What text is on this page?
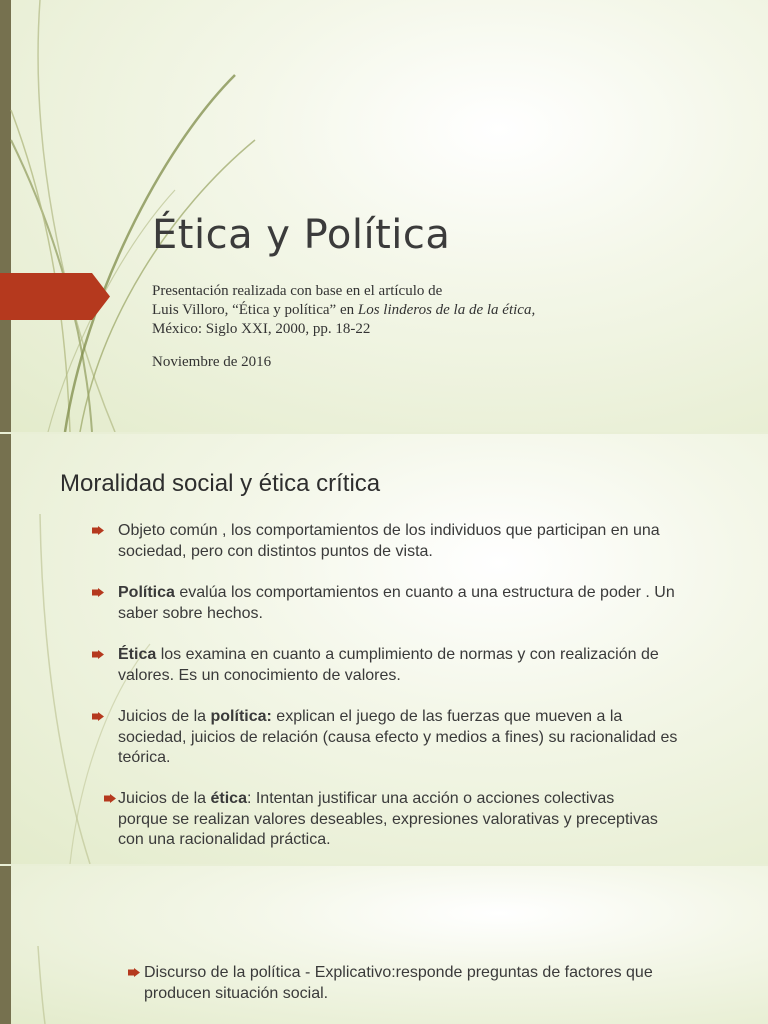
Ética y Política
Presentación realizada con base en el artículo de
Luis Villoro, “Ética y política” en Los linderos de la de la ética,
México: Siglo XXI, 2000, pp. 18-22
Noviembre de 2016
Moralidad social y ética crítica
Objeto común , los comportamientos de los individuos que participan en una sociedad, pero con distintos puntos de vista.
Política evalúa los comportamientos en cuanto a una estructura de poder . Un saber sobre hechos.
Ética los examina en cuanto a cumplimiento de normas y con realización de valores. Es un conocimiento de valores.
Juicios de la política: explican el juego de las fuerzas que mueven a la sociedad, juicios de relación (causa efecto y medios a fines) su racionalidad es teórica.
Juicios de la ética: Intentan justificar una acción o acciones colectivas porque se realizan valores deseables, expresiones valorativas y preceptivas con una racionalidad práctica.
Discurso de la política - Explicativo:responde preguntas de factores que producen situación social.
